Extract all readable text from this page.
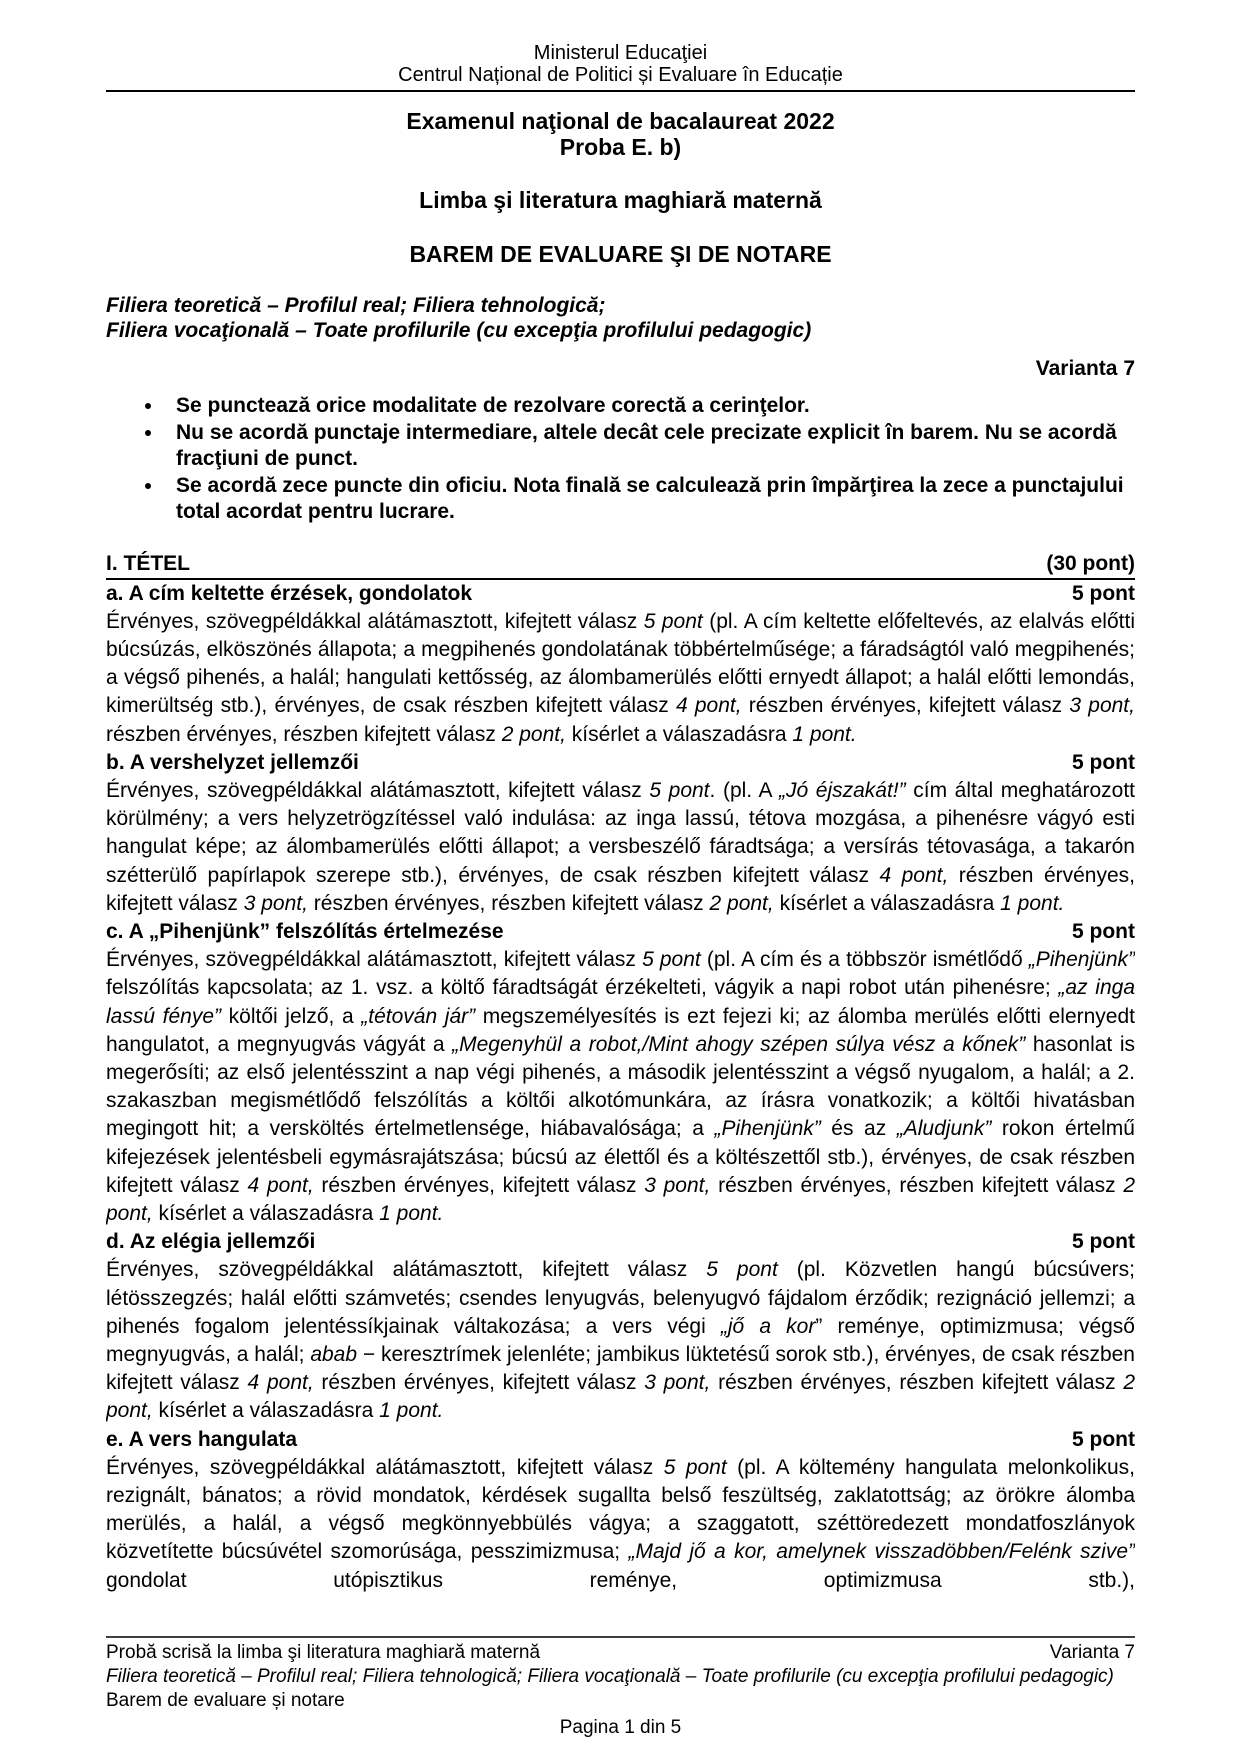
Ministerul Educaţiei
Centrul Național de Politici și Evaluare în Educație
Examenul naţional de bacalaureat 2022
Proba E. b)
Limba şi literatura maghiară maternă
BAREM DE EVALUARE ŞI DE NOTARE
Filiera teoretică – Profilul real; Filiera tehnologică;
Filiera vocaţională – Toate profilurile (cu excepţia profilului pedagogic)
Varianta 7
• Se punctează orice modalitate de rezolvare corectă a cerinţelor.
• Nu se acordă punctaje intermediare, altele decât cele precizate explicit în barem. Nu se acordă fracţiuni de punct.
• Se acordă zece puncte din oficiu. Nota finală se calculează prin împărţirea la zece a punctajului total acordat pentru lucrare.
I. TÉTEL	(30 pont)
a. A cím keltette érzések, gondolatok	5 pont

Érvényes, szövegpéldákkal alátámasztott, kifejtett válasz 5 pont (pl. A cím keltette előfeltevés, az elalvás előtti búcsúzás, elköszönés állapota; a megpihenés gondolatának többértelműsége; a fáradságtól való megpihenés; a végső pihenés, a halál; hangulati kettősség, az álombamerülés előtti ernyedt állapot; a halál előtti lemondás, kimerültség stb.), érvényes, de csak részben kifejtett válasz 4 pont, részben érvényes, kifejtett válasz 3 pont, részben érvényes, részben kifejtett válasz 2 pont, kísérlet a válaszadásra 1 pont.

b. A vershelyzet jellemzői	5 pont

Érvényes, szövegpéldákkal alátámasztott, kifejtett válasz 5 pont. (pl. A „Jó éjszakát!” cím által meghatározott körülmény; a vers helyzetrögzítéssel való indulása: az inga lassú, tétova mozgása, a pihenésre vágyó esti hangulat képe; az álombamerülés előtti állapot; a versbeszélő fáradtsága; a versírás tétovasága, a takarón szétterülő papírlapok szerepe stb.), érvényes, de csak részben kifejtett válasz 4 pont, részben érvényes, kifejtett válasz 3 pont, részben érvényes, részben kifejtett válasz 2 pont, kísérlet a válaszadásra 1 pont.

c. A „Pihenjünk” felszólítás értelmezése	5 pont

Érvényes, szövegpéldákkal alátámasztott, kifejtett válasz 5 pont (pl. A cím és a többször ismétlődő „Pihenjünk” felszólítás kapcsolata; az 1. vsz. a költő fáradtságát érzékelteti, vágyik a napi robot után pihenésre; „az inga lassú fénye” költői jelző, a „tétován jár” megszemélyesítés is ezt fejezi ki; az álomba merülés előtti elernyedt hangulatot, a megnyugvás vágyát a „Megenyhül a robot,/Mint ahogy szépen súlya vész a kőnek” hasonlat is megerősíti; az első jelentésszint a nap végi pihenés, a második jelentésszint a végső nyugalom, a halál; a 2. szakaszban megismétlődő felszólítás a költői alkotómunkára, az írásra vonatkozik; a költői hivatásban megingott hit; a versköltés értelmetlensége, hiábavalósága; a „Pihenjünk” és az „Aludjunk” rokon értelmű kifejezések jelentésbeli egymásrajátszása; búcsú az élettől és a költészettől stb.), érvényes, de csak részben kifejtett válasz 4 pont, részben érvényes, kifejtett válasz 3 pont, részben érvényes, részben kifejtett válasz 2 pont, kísérlet a válaszadásra 1 pont.

d. Az elégia jellemzői	5 pont

Érvényes, szövegpéldákkal alátámasztott, kifejtett válasz 5 pont (pl. Közvetlen hangú búcsúvers; létösszegzés; halál előtti számvetés; csendes lenyugvás, belenyugvó fájdalom érződik; rezignáció jellemzi; a pihenés fogalom jelentéssíkjainak váltakozása; a vers végi „jő a kor” reménye, optimizmusa; végső megnyugvás, a halál; abab − keresztrímek jelenléte; jambikus lüktetésű sorok stb.), érvényes, de csak részben kifejtett válasz 4 pont, részben érvényes, kifejtett válasz 3 pont, részben érvényes, részben kifejtett válasz 2 pont, kísérlet a válaszadásra 1 pont.

e. A vers hangulata	5 pont

Érvényes, szövegpéldákkal alátámasztott, kifejtett válasz 5 pont (pl. A költemény hangulata melonkolikus, rezignált, bánatos; a rövid mondatok, kérdések sugallta belső feszültség, zaklatottság; az örökre álomba merülés, a halál, a végső megkönnyebbülés vágya; a szaggatott, széttöredezett mondatfoszlányok közvetítette búcsúvétel szomorúsága, pesszimizmusa; „Majd jő a kor, amelynek visszadöbben/Felénk szive” gondolat utópisztikus reménye, optimizmusa stb.),

Probă scrisă la limba şi literatura maghiară maternă	Varianta 7
Filiera teoretică – Profilul real; Filiera tehnologică; Filiera vocaţională – Toate profilurile (cu excepţia profilului pedagogic)
Barem de evaluare și notare
Pagina 1 din 5
